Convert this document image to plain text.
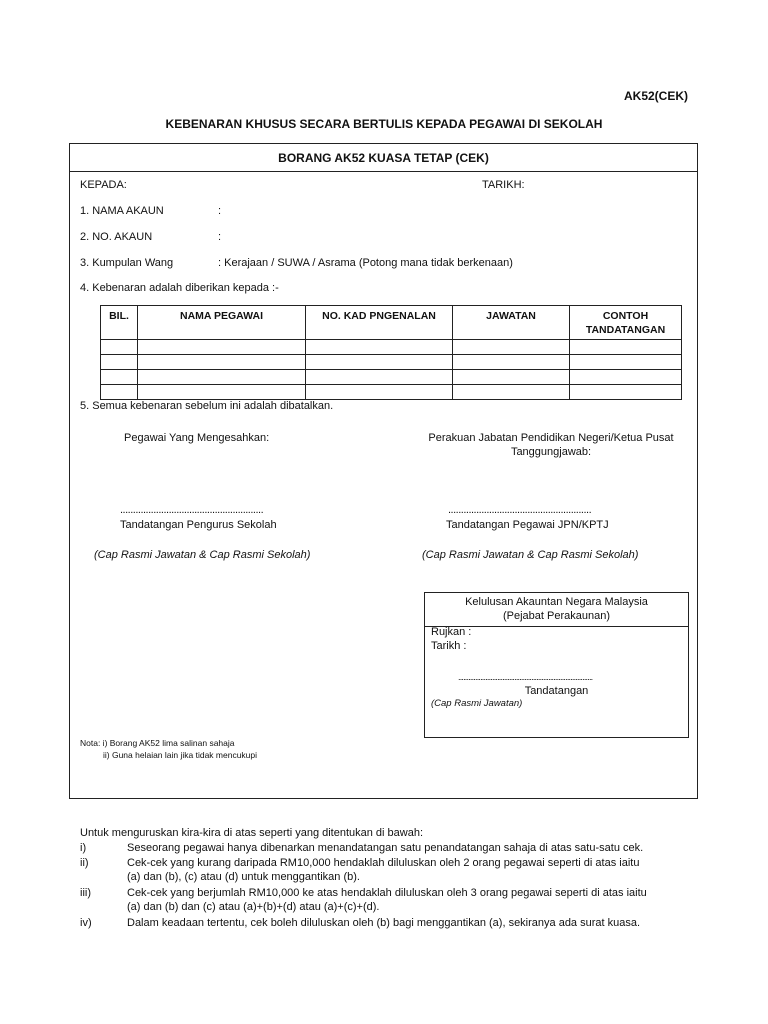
AK52(CEK)
KEBENARAN KHUSUS SECARA BERTULIS KEPADA PEGAWAI DI SEKOLAH
BORANG AK52 KUASA TETAP (CEK)
KEPADA:	TARIKH:
1. NAMA AKAUN	:
2. NO. AKAUN	:
3. Kumpulan Wang	: Kerajaan / SUWA / Asrama (Potong mana tidak berkenaan)
4. Kebenaran adalah diberikan kepada :-
BIL.	NAMA PEGAWAI	NO. KAD PNGENALAN	JAWATAN	CONTOH
TANDATANGAN

5. Semua kebenaran sebelum ini adalah dibatalkan.
Pegawai Yang Mengesahkan:
........................................................
Tandatangan Pengurus Sekolah
(Cap Rasmi Jawatan & Cap Rasmi Sekolah)
Perakuan Jabatan Pendidikan Negeri/Ketua Pusat
Tanggungjawab:
........................................................
Tandatangan Pegawai JPN/KPTJ
(Cap Rasmi Jawatan & Cap Rasmi Sekolah)
Kelulusan Akauntan Negara Malaysia
(Pejabat Perakaunan)
Rujkan :
Tarikh :
...............................................................................
Tandatangan
(Cap Rasmi Jawatan)
Nota: i) Borang AK52 lima salinan sahaja
ii) Guna helaian lain jika tidak mencukupi
Untuk menguruskan kira-kira di atas seperti yang ditentukan di bawah:
i)	Seseorang pegawai hanya dibenarkan menandatangan satu penandatangan sahaja di atas satu-satu cek.
ii)	Cek-cek yang kurang daripada RM10,000 hendaklah diluluskan oleh 2 orang pegawai seperti di atas iaitu
(a) dan (b), (c) atau (d) untuk menggantikan (b).
iii)	Cek-cek yang berjumlah RM10,000 ke atas hendaklah diluluskan oleh 3 orang pegawai seperti di atas iaitu
(a) dan (b) dan (c) atau (a)+(b)+(d) atau (a)+(c)+(d).
iv)	Dalam keadaan tertentu, cek boleh diluluskan oleh (b) bagi menggantikan (a), sekiranya ada surat kuasa.
